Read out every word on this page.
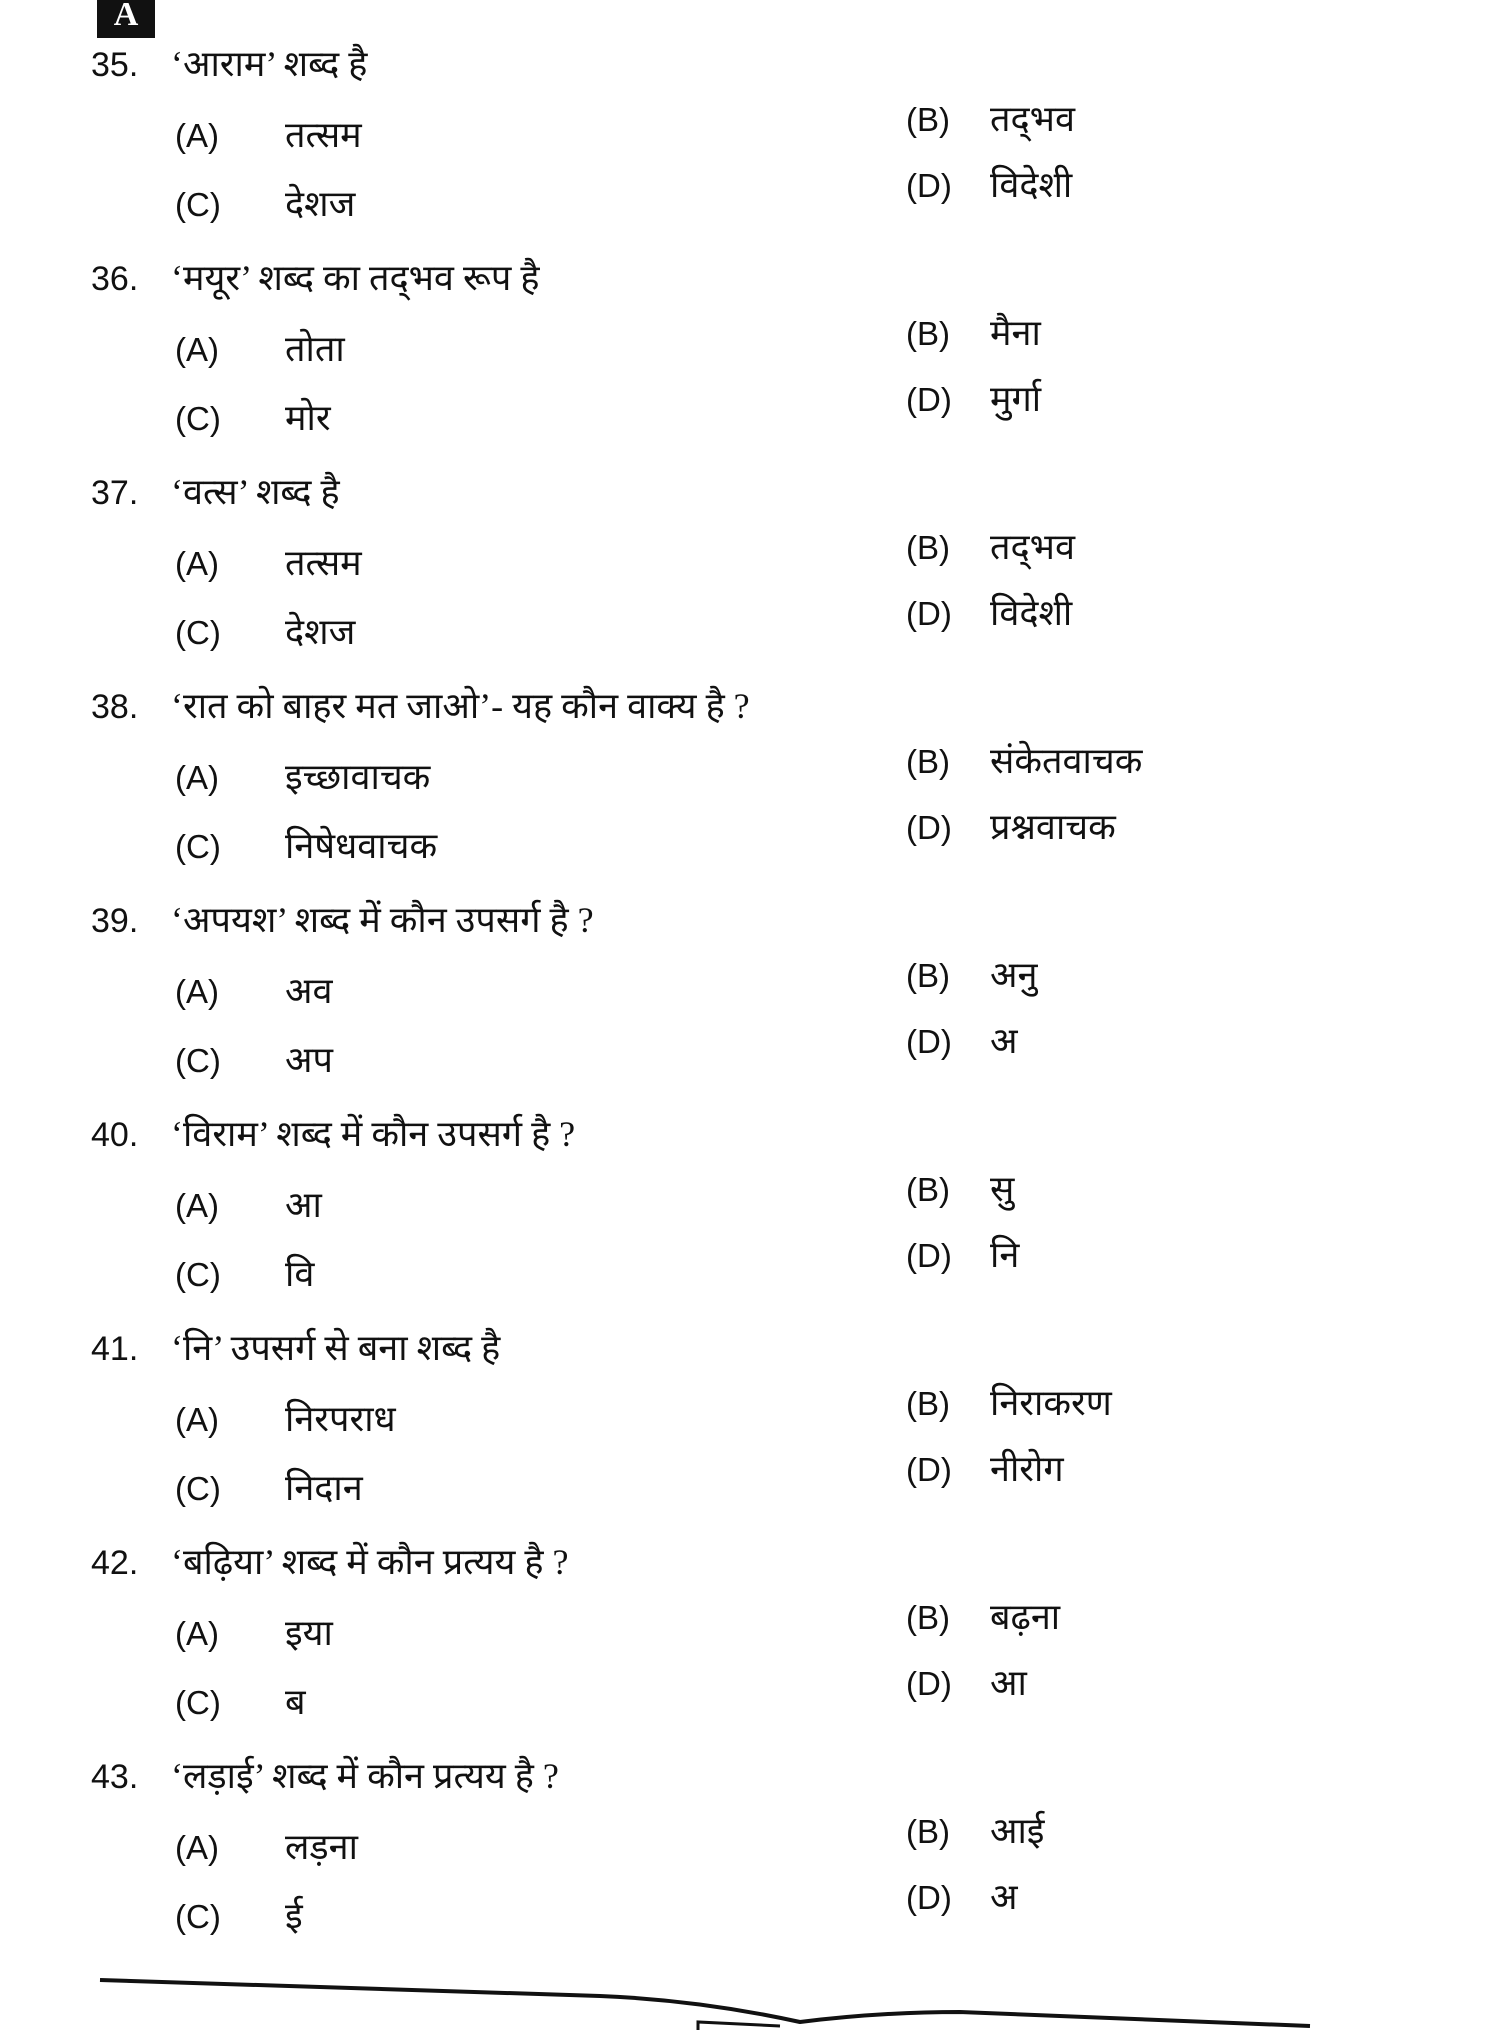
A
35. ‘आराम’ शब्द है
(A) तत्सम	(B) तद्‌भव
(C) देशज	(D) विदेशी
36. ‘मयूर’ शब्द का तद्‌भव रूप है
(A) तोता	(B) मैना
(C) मोर	(D) मुर्गा
37. ‘वत्स’ शब्द है
(A) तत्सम	(B) तद्‌भव
(C) देशज	(D) विदेशी
38. ‘रात को बाहर मत जाओ’- यह कौन वाक्य है ?
(A) इच्छावाचक	(B) संकेतवाचक
(C) निषेधवाचक	(D) प्रश्नवाचक
39. ‘अपयश’ शब्द में कौन उपसर्ग है ?
(A) अव	(B) अनु
(C) अप	(D) अ
40. ‘विराम’ शब्द में कौन उपसर्ग है ?
(A) आ	(B) सु
(C) वि	(D) नि
41. ‘नि’ उपसर्ग से बना शब्द है
(A) निरपराध	(B) निराकरण
(C) निदान	(D) नीरोग
42. ‘बढ़िया’ शब्द में कौन प्रत्यय है ?
(A) इया	(B) बढ़ना
(C) ब	(D) आ
43. ‘लड़ाई’ शब्द में कौन प्रत्यय है ?
(A) लड़ना	(B) आई
(C) ई	(D) अ
